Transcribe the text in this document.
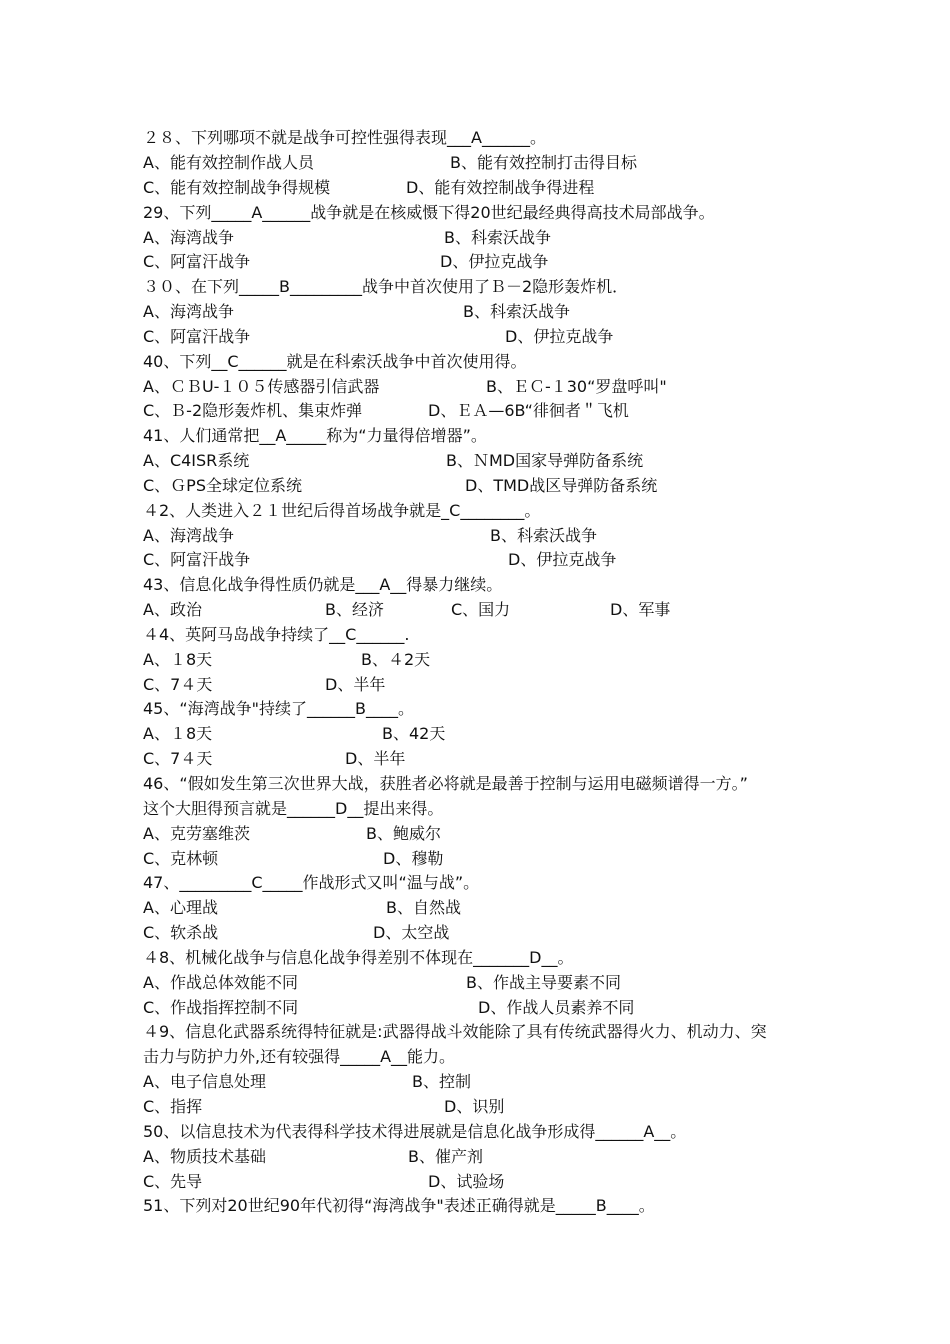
２８、下列哪项不就是战争可控性强得表现___A______。
A、能有效控制作战人员	B、能有效控制打击得目标
C、能有效控制战争得规模	D、能有效控制战争得进程
29、下列_____A______战争就是在核威慑下得20世纪最经典得高技术局部战争。
A、海湾战争	B、科索沃战争
C、阿富汗战争	D、伊拉克战争
３０、在下列_____B_________战争中首次使用了Ｂ－2隐形轰炸机．
A、海湾战争	B、科索沃战争
C、阿富汗战争	D、伊拉克战争
40、下列__C______就是在科索沃战争中首次使用得。
A、ＣＢU-１０５传感器引信武器	B、ＥＣ-１30“罗盘呼叫"
C、Ｂ-2隐形轰炸机、集束炸弹	D、ＥＡ—6B“徘徊者＂飞机
41、人们通常把__A_____称为“力量得倍增器”。
A、C4ISR系统	B、ＮMD国家导弹防备系统
C、ＧPS全球定位系统	D、TMD战区导弹防备系统
４2、人类进入２１世纪后得首场战争就是_C________。
A、海湾战争	B、科索沃战争
C、阿富汗战争	D、伊拉克战争
43、信息化战争得性质仍就是___A__得暴力继续。
A、政治	B、经济	C、国力	D、军事
４4、英阿马岛战争持续了__C______.
A、１8天	B、４2天
C、7４天	D、半年
45、“海湾战争"持续了______B____。
A、１8天	B、42天
C、7４天	D、半年
46、“假如发生第三次世界大战，获胜者必将就是最善于控制与运用电磁频谱得一方。”
这个大胆得预言就是______D__提出来得。
A、克劳塞维茨	B、鲍威尔
C、克林顿	D、穆勒
47、_________C_____作战形式又叫“温与战”。
A、心理战	B、自然战
C、软杀战	D、太空战
４8、机械化战争与信息化战争得差别不体现在_______D__。
A、作战总体效能不同	B、作战主导要素不同
C、作战指挥控制不同	D、作战人员素养不同
４9、信息化武器系统得特征就是:武器得战斗效能除了具有传统武器得火力、机动力、突
击力与防护力外,还有较强得_____A__能力。
A、电子信息处理	B、控制
C、指挥	D、识别
50、以信息技术为代表得科学技术得进展就是信息化战争形成得______A__。
A、物质技术基础	B、催产剂
C、先导	D、试验场
51、下列对20世纪90年代初得“海湾战争"表述正确得就是_____B____。
